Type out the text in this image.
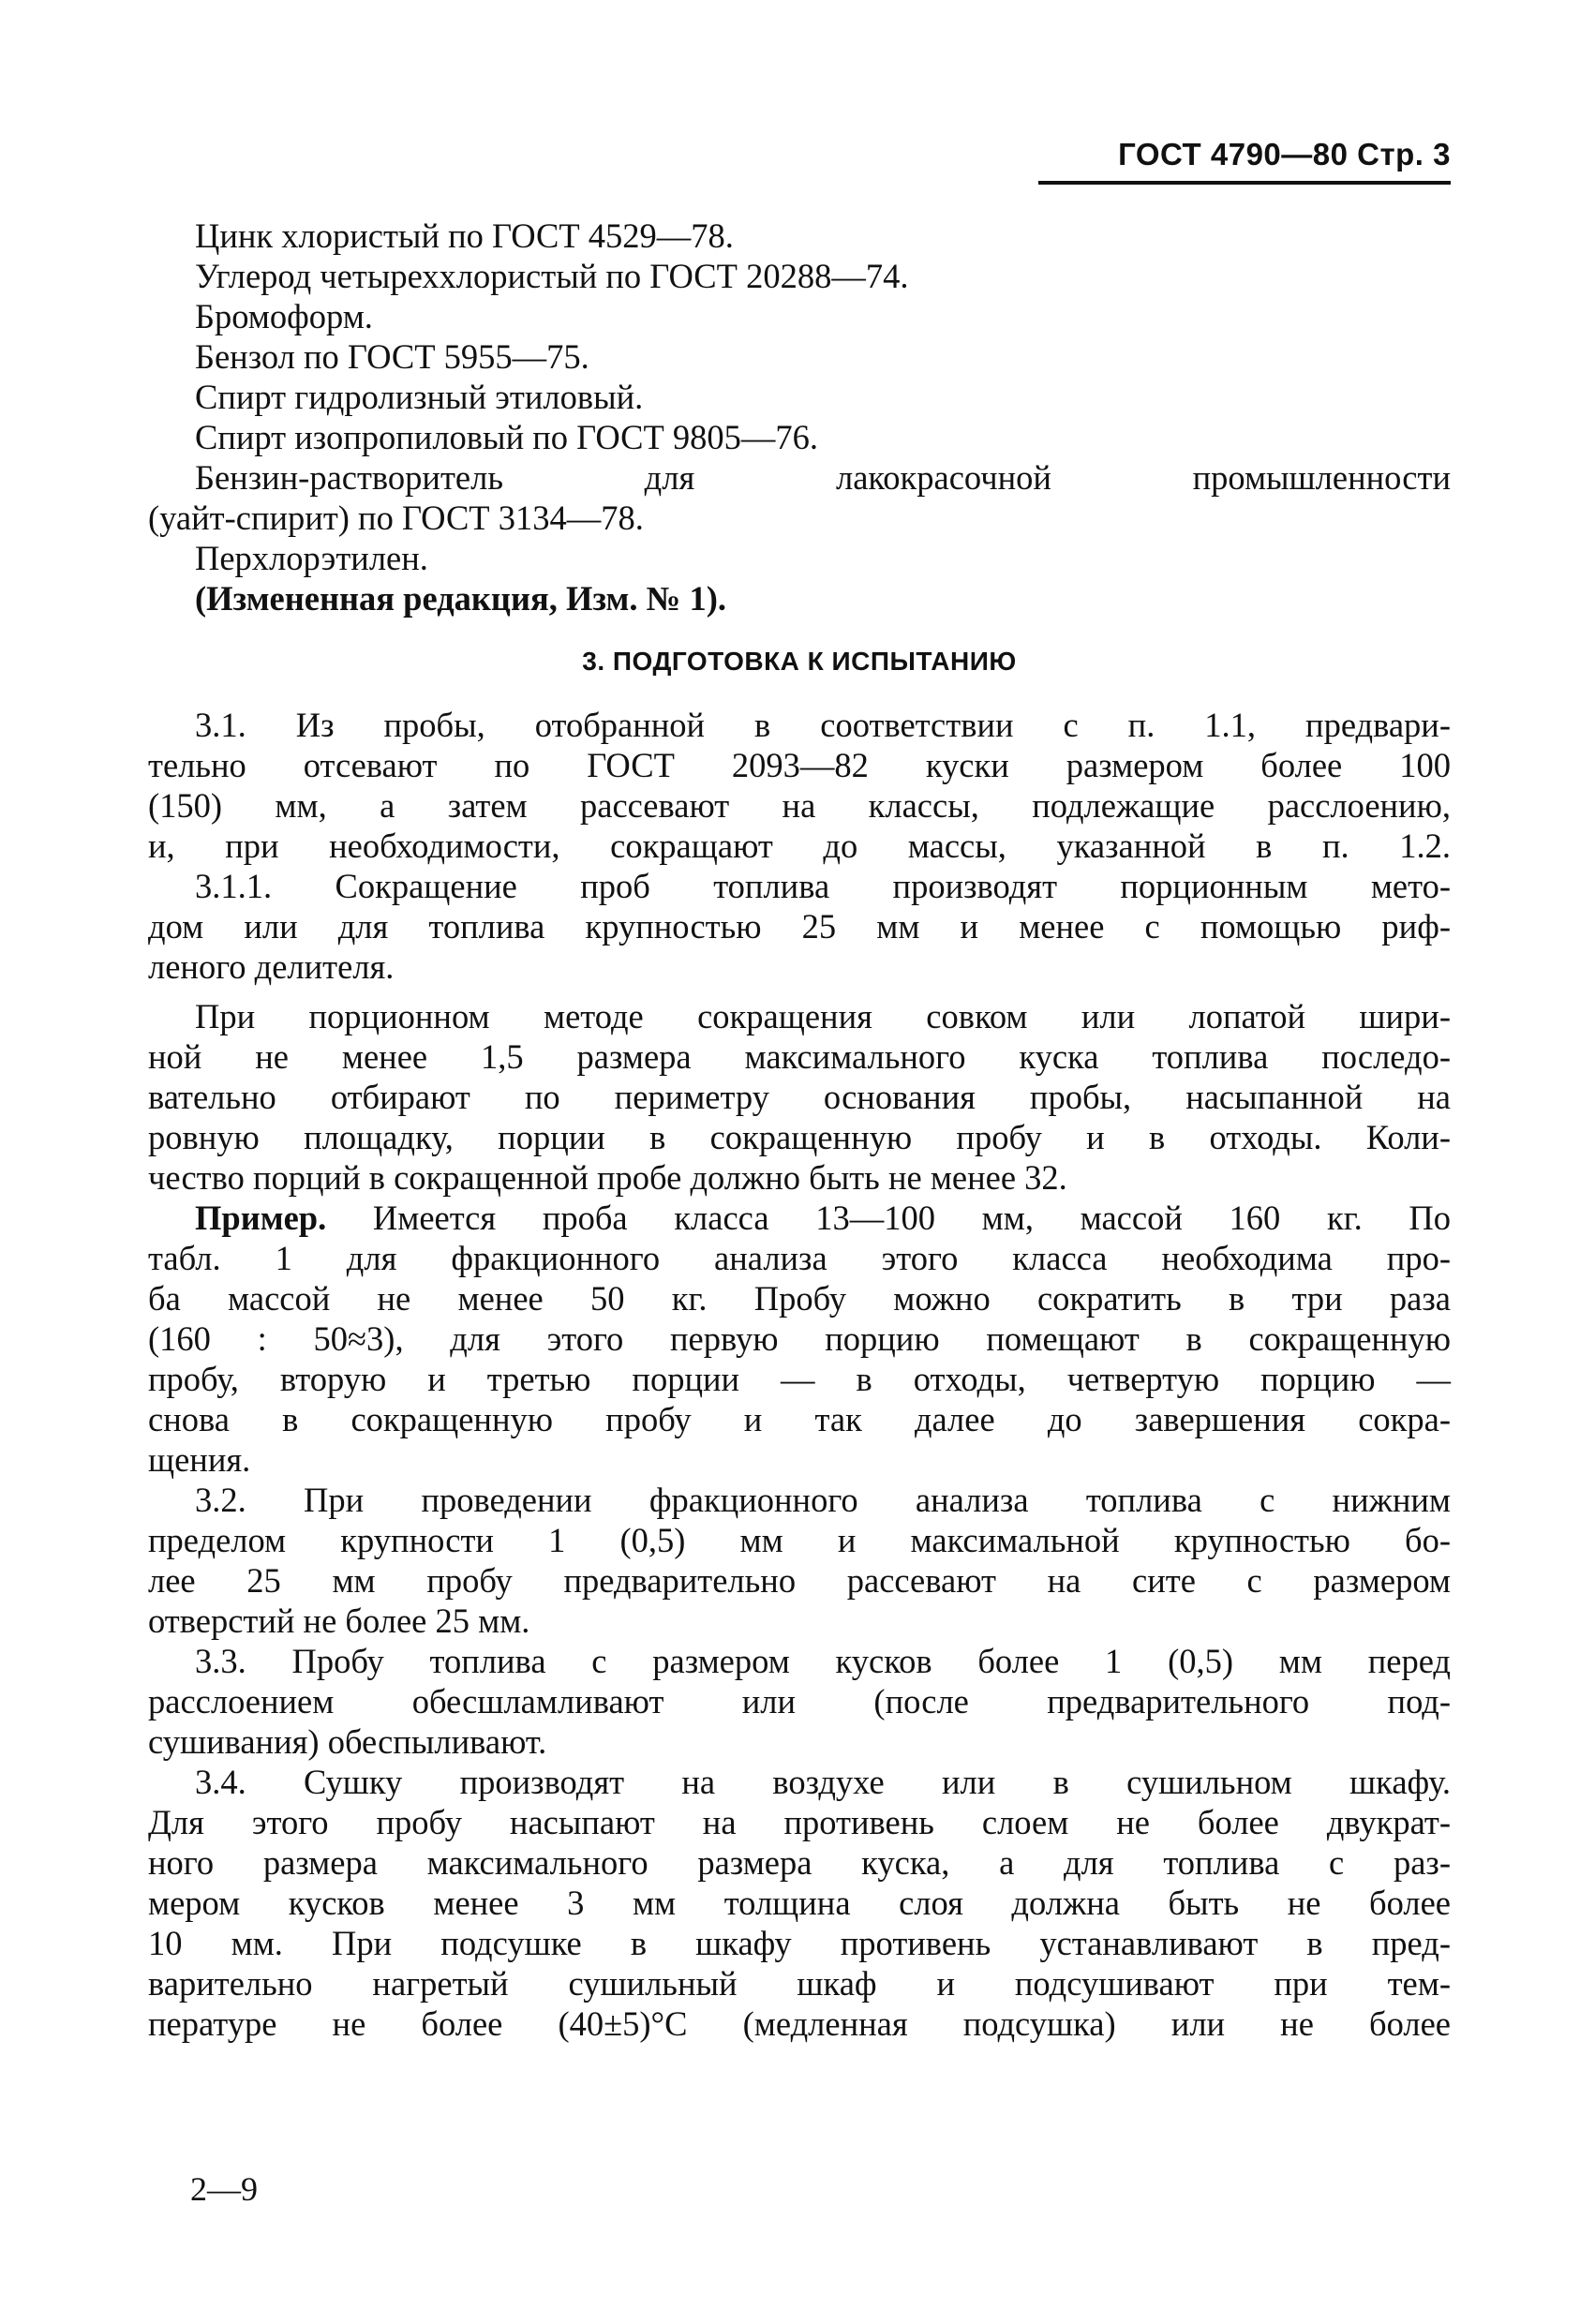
ГОСТ 4790—80 Стр. 3
Цинк хлористый по ГОСТ 4529—78.
Углерод четыреххлористый по ГОСТ 20288—74.
Бромоформ.
Бензол по ГОСТ 5955—75.
Спирт гидролизный этиловый.
Спирт изопропиловый по ГОСТ 9805—76.
Бензин-растворитель для лакокрасочной промышленности
(уайт-спирит) по ГОСТ 3134—78.
Перхлорэтилен.
(Измененная редакция, Изм. № 1).
3. ПОДГОТОВКА К ИСПЫТАНИЮ
3.1. Из пробы, отобранной в соответствии с п. 1.1, предвари-
тельно отсевают по ГОСТ 2093—82 куски размером более 100
(150) мм, а затем рассевают на классы, подлежащие расслоению,
и, при необходимости, сокращают до массы, указанной в п. 1.2.
3.1.1. Сокращение проб топлива производят порционным мето-
дом или для топлива крупностью 25 мм и менее с помощью риф-
леного делителя.
При порционном методе сокращения совком или лопатой шири-
ной не менее 1,5 размера максимального куска топлива последо-
вательно отбирают по периметру основания пробы, насыпанной на
ровную площадку, порции в сокращенную пробу и в отходы. Коли-
чество порций в сокращенной пробе должно быть не менее 32.
Пример. Имеется проба класса 13—100 мм, массой 160 кг. По
табл. 1 для фракционного анализа этого класса необходима про-
ба массой не менее 50 кг. Пробу можно сократить в три раза
(160 : 50≈3), для этого первую порцию помещают в сокращенную
пробу, вторую и третью порции — в отходы, четвертую порцию —
снова в сокращенную пробу и так далее до завершения сокра-
щения.
3.2. При проведении фракционного анализа топлива с нижним
пределом крупности 1 (0,5) мм и максимальной крупностью бо-
лее 25 мм пробу предварительно рассевают на сите с размером
отверстий не более 25 мм.
3.3. Пробу топлива с размером кусков более 1 (0,5) мм перед
расслоением обесшламливают или (после предварительного под-
сушивания) обеспыливают.
3.4. Сушку производят на воздухе или в сушильном шкафу.
Для этого пробу насыпают на противень слоем не более двукрат-
ного размера максимального размера куска, а для топлива с раз-
мером кусков менее 3 мм толщина слоя должна быть не более
10 мм. При подсушке в шкафу противень устанавливают в пред-
варительно нагретый сушильный шкаф и подсушивают при тем-
пературе не более (40±5)°С (медленная подсушка) или не более
2—9
